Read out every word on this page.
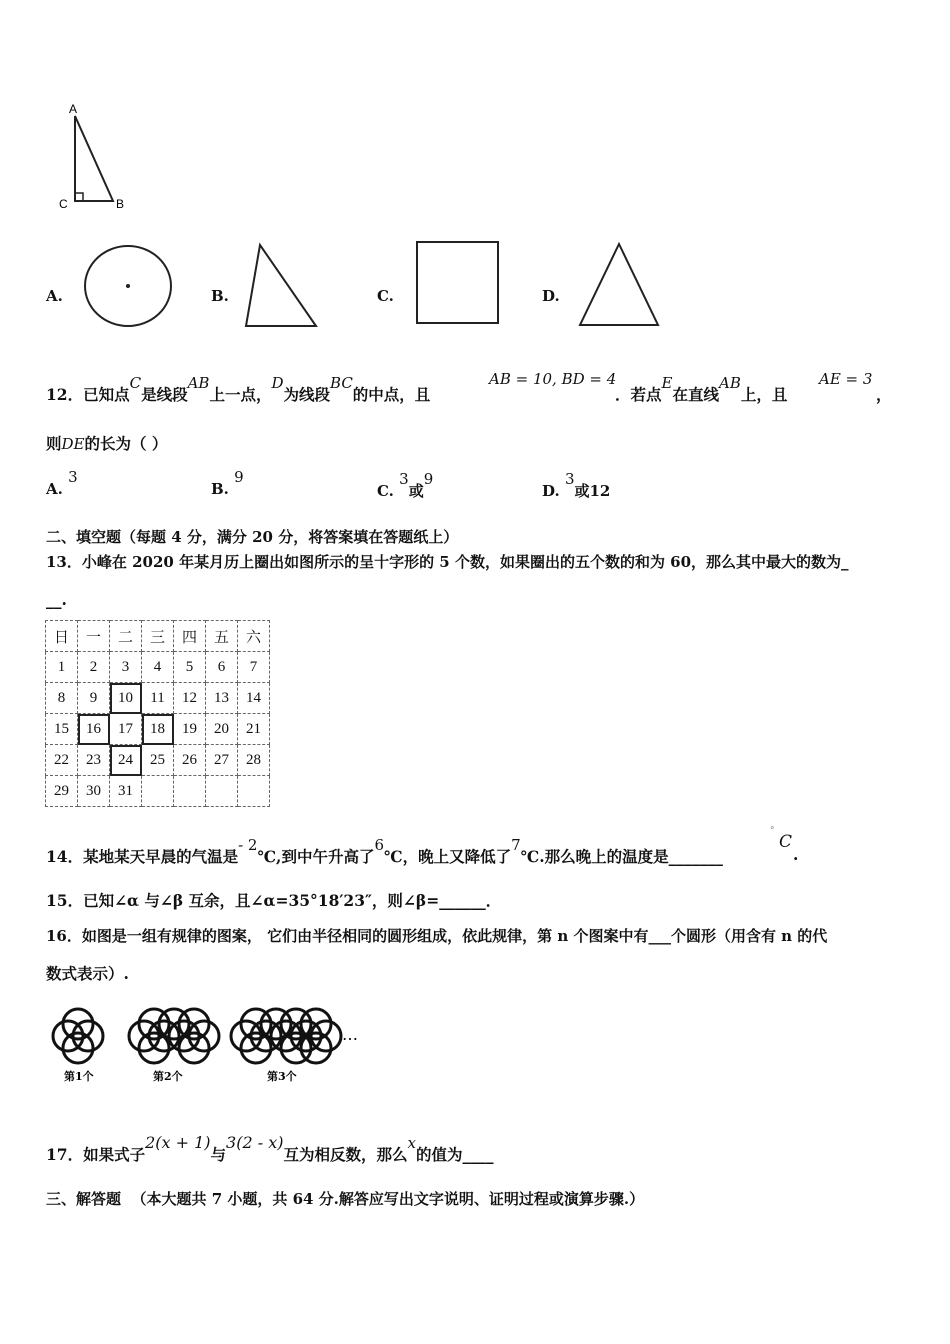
A
C	B
A.	B.	C.	D.
12．已知点C是线段AB上一点，D为线段BC的中点，且
AB = 10, BD = 4
．若点E在直线AB上，且
AE = 3
，
则DE的长为（ ）
A. 3
B. 9
C. 3或9
D. 3或12
二、填空题（每题 4 分，满分 20 分，将答案填在答题纸上）
13．小峰在 2020 年某月历上圈出如图所示的呈十字形的 5 个数，如果圈出的五个数的和为 60，那么其中最大的数为_
__.
日	一	二	三	四	五	六
1	2	3	4	5	6	7
8	9	10	11	12	13	14
15	16	17	18	19	20	21
22	23	24	25	26	27	28
29	30	31				
14．某地某天早晨的气温是- 2℃,到中午升高了6℃，晚上又降低了7℃.那么晚上的温度是_______
°
C
.
15．已知∠α 与∠β 互余，且∠α=35°18′23″，则∠β=______．
16．如图是一组有规律的图案， 它们由半径相同的圆形组成，依此规律，第 n 个图案中有___个圆形（用含有 n 的代
数式表示）.
…
第1个	第2个	第3个
17．如果式子2(x + 1)与3(2 - x)互为相反数，那么x的值为____
三、解答题 （本大题共 7 小题，共 64 分.解答应写出文字说明、证明过程或演算步骤.）
